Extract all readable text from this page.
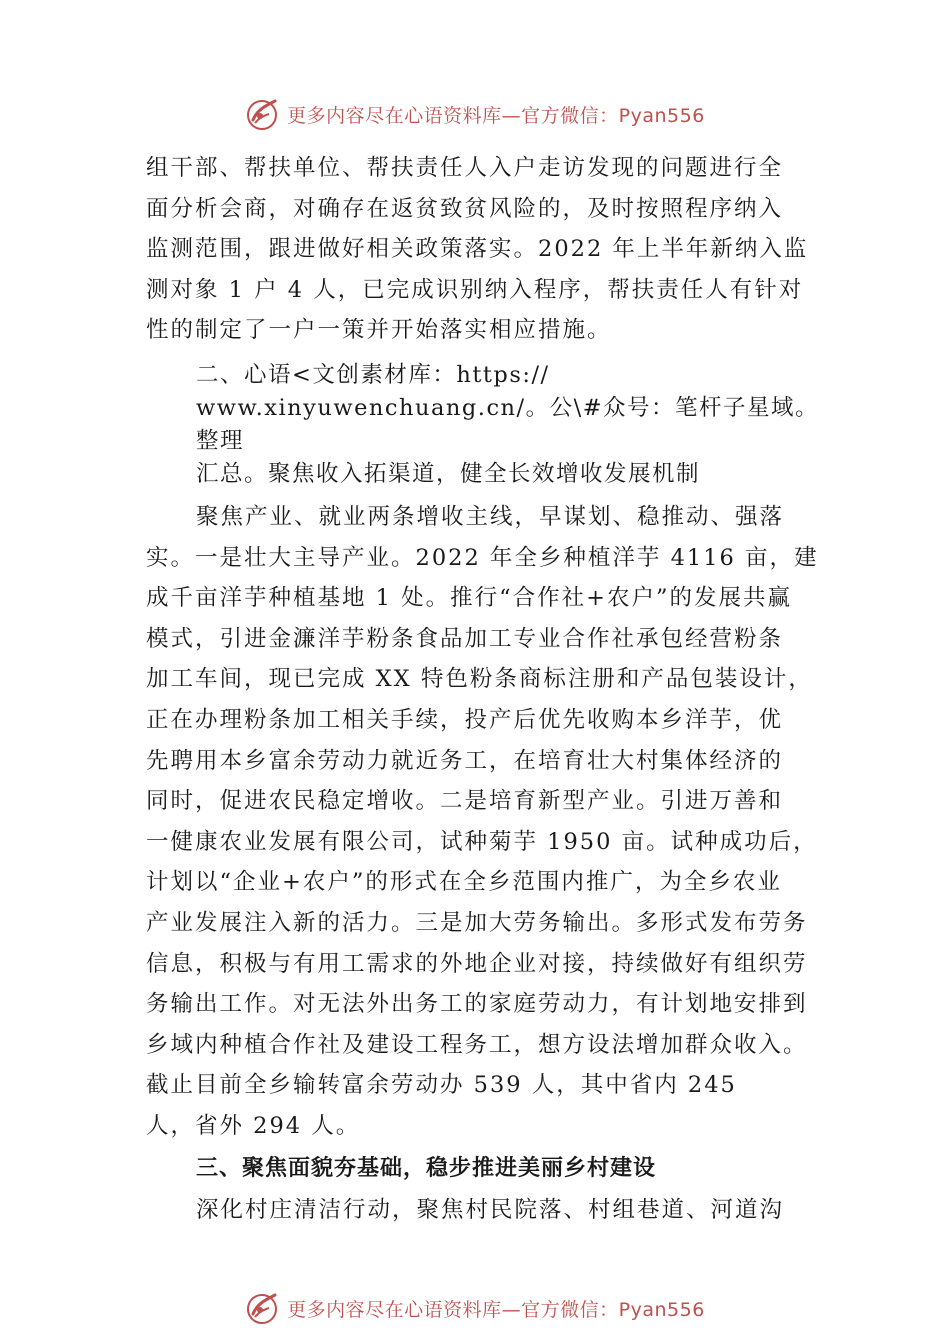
更多内容尽在心语资料库—官方微信：Pyan556
组干部、帮扶单位、帮扶责任人入户走访发现的问题进行全
面分析会商，对确存在返贫致贫风险的，及时按照程序纳入
监测范围，跟进做好相关政策落实。2022 年上半年新纳入监
测对象 1 户 4 人，已完成识别纳入程序，帮扶责任人有针对
性的制定了一户一策并开始落实相应措施。
二、心语<文创素材库：https://
www.xinyuwenchuang.cn/。公\#众号：笔杆子星域。整理
汇总。聚焦收入拓渠道，健全长效增收发展机制
聚焦产业、就业两条增收主线，早谋划、稳推动、强落
实。一是壮大主导产业。2022 年全乡种植洋芋 4116 亩，建
成千亩洋芋种植基地 1 处。推行“合作社+农户”的发展共赢
模式，引进金濂洋芋粉条食品加工专业合作社承包经营粉条
加工车间，现已完成 XX 特色粉条商标注册和产品包装设计，
正在办理粉条加工相关手续，投产后优先收购本乡洋芋，优
先聘用本乡富余劳动力就近务工，在培育壮大村集体经济的
同时，促进农民稳定增收。二是培育新型产业。引进万善和
一健康农业发展有限公司，试种菊芋 1950 亩。试种成功后，
计划以“企业+农户”的形式在全乡范围内推广，为全乡农业
产业发展注入新的活力。三是加大劳务输出。多形式发布劳务
信息，积极与有用工需求的外地企业对接，持续做好有组织劳
务输出工作。对无法外出务工的家庭劳动力，有计划地安排到
乡域内种植合作社及建设工程务工，想方设法增加群众收入。
截止目前全乡输转富余劳动办 539 人，其中省内 245
人，省外 294 人。
三、聚焦面貌夯基础，稳步推进美丽乡村建设
深化村庄清洁行动，聚焦村民院落、村组巷道、河道沟
更多内容尽在心语资料库—官方微信：Pyan556
